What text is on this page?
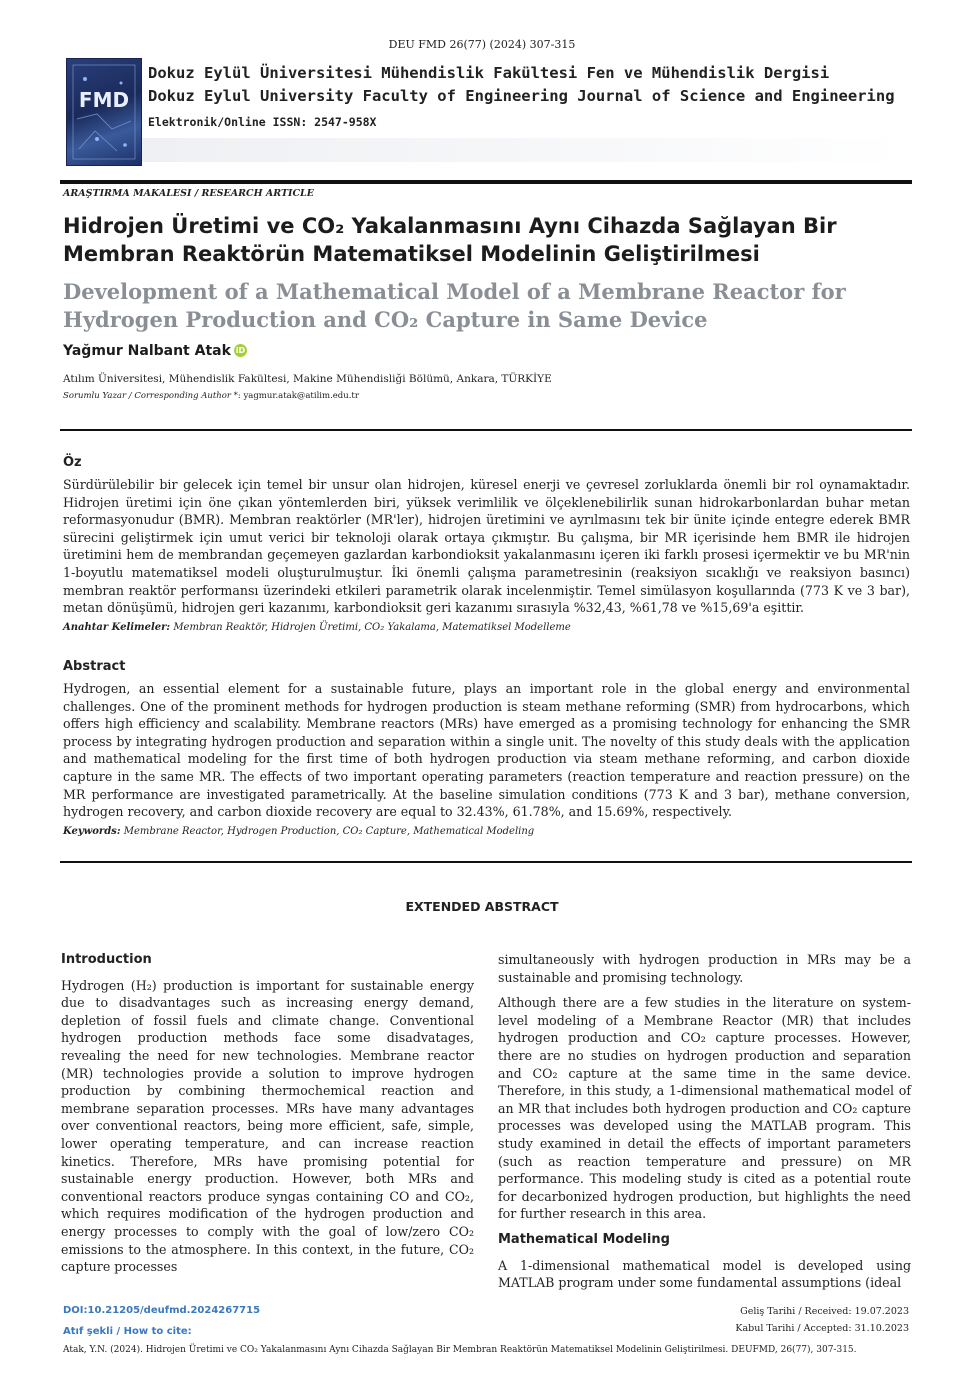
DEU FMD 26(77) (2024) 307-315
FMD
Dokuz Eylül Üniversitesi Mühendislik Fakültesi Fen ve Mühendislik Dergisi
Dokuz Eylul University Faculty of Engineering Journal of Science and Engineering
Elektronik/Online ISSN: 2547-958X
ARAŞTIRMA MAKALESI / RESEARCH ARTICLE
Hidrojen Üretimi ve CO₂ Yakalanmasını Aynı Cihazda Sağlayan Bir Membran Reaktörün Matematiksel Modelinin Geliştirilmesi
Development of a Mathematical Model of a Membrane Reactor for Hydrogen Production and CO₂ Capture in Same Device
Yağmur Nalbant Atak iD
Atılım Üniversitesi, Mühendislik Fakültesi, Makine Mühendisliği Bölümü, Ankara, TÜRKİYE
Sorumlu Yazar / Corresponding Author *: yagmur.atak@atilim.edu.tr
Öz
Sürdürülebilir bir gelecek için temel bir unsur olan hidrojen, küresel enerji ve çevresel zorluklarda önemli bir rol oynamaktadır. Hidrojen üretimi için öne çıkan yöntemlerden biri, yüksek verimlilik ve ölçeklenebilirlik sunan hidrokarbonlardan buhar metan reformasyonudur (BMR). Membran reaktörler (MR'ler), hidrojen üretimini ve ayrılmasını tek bir ünite içinde entegre ederek BMR sürecini geliştirmek için umut verici bir teknoloji olarak ortaya çıkmıştır. Bu çalışma, bir MR içerisinde hem BMR ile hidrojen üretimini hem de membrandan geçemeyen gazlardan karbondioksit yakalanmasını içeren iki farklı prosesi içermektir ve bu MR'nin 1-boyutlu matematiksel modeli oluşturulmuştur. İki önemli çalışma parametresinin (reaksiyon sıcaklığı ve reaksiyon basıncı) membran reaktör performansı üzerindeki etkileri parametrik olarak incelenmiştir. Temel simülasyon koşullarında (773 K ve 3 bar), metan dönüşümü, hidrojen geri kazanımı, karbondioksit geri kazanımı sırasıyla %32,43, %61,78 ve %15,69'a eşittir.
Anahtar Kelimeler: Membran Reaktör, Hidrojen Üretimi, CO₂ Yakalama, Matematiksel Modelleme
Abstract
Hydrogen, an essential element for a sustainable future, plays an important role in the global energy and environmental challenges. One of the prominent methods for hydrogen production is steam methane reforming (SMR) from hydrocarbons, which offers high efficiency and scalability. Membrane reactors (MRs) have emerged as a promising technology for enhancing the SMR process by integrating hydrogen production and separation within a single unit. The novelty of this study deals with the application and mathematical modeling for the first time of both hydrogen production via steam methane reforming, and carbon dioxide capture in the same MR. The effects of two important operating parameters (reaction temperature and reaction pressure) on the MR performance are investigated parametrically. At the baseline simulation conditions (773 K and 3 bar), methane conversion, hydrogen recovery, and carbon dioxide recovery are equal to 32.43%, 61.78%, and 15.69%, respectively.
Keywords: Membrane Reactor, Hydrogen Production, CO₂ Capture, Mathematical Modeling
EXTENDED ABSTRACT
Introduction

Hydrogen (H₂) production is important for sustainable energy due to disadvantages such as increasing energy demand, depletion of fossil fuels and climate change. Conventional hydrogen production methods face some disadvatages, revealing the need for new technologies. Membrane reactor (MR) technologies provide a solution to improve hydrogen production by combining thermochemical reaction and membrane separation processes. MRs have many advantages over conventional reactors, being more efficient, safe, simple, lower operating temperature, and can increase reaction kinetics. Therefore, MRs have promising potential for sustainable energy production. However, both MRs and conventional reactors produce syngas containing CO and CO₂, which requires modification of the hydrogen production and energy processes to comply with the goal of low/zero CO₂ emissions to the atmosphere. In this context, in the future, CO₂ capture processes

simultaneously with hydrogen production in MRs may be a sustainable and promising technology.

Although there are a few studies in the literature on system-level modeling of a Membrane Reactor (MR) that includes hydrogen production and CO₂ capture processes. However, there are no studies on hydrogen production and separation and CO₂ capture at the same time in the same device. Therefore, in this study, a 1-dimensional mathematical model of an MR that includes both hydrogen production and CO₂ capture processes was developed using the MATLAB program. This study examined in detail the effects of important parameters (such as reaction temperature and pressure) on MR performance. This modeling study is cited as a potential route for decarbonized hydrogen production, but highlights the need for further research in this area.

Mathematical Modeling

A 1-dimensional mathematical model is developed using MATLAB program under some fundamental assumptions (ideal

DOI:10.21205/deufmd.2024267715
Atıf şekli / How to cite:
Geliş Tarihi / Received: 19.07.2023
Kabul Tarihi / Accepted: 31.10.2023
Atak, Y.N. (2024). Hidrojen Üretimi ve CO₂ Yakalanmasını Aynı Cihazda Sağlayan Bir Membran Reaktörün Matematiksel Modelinin Geliştirilmesi. DEUFMD, 26(77), 307-315.
